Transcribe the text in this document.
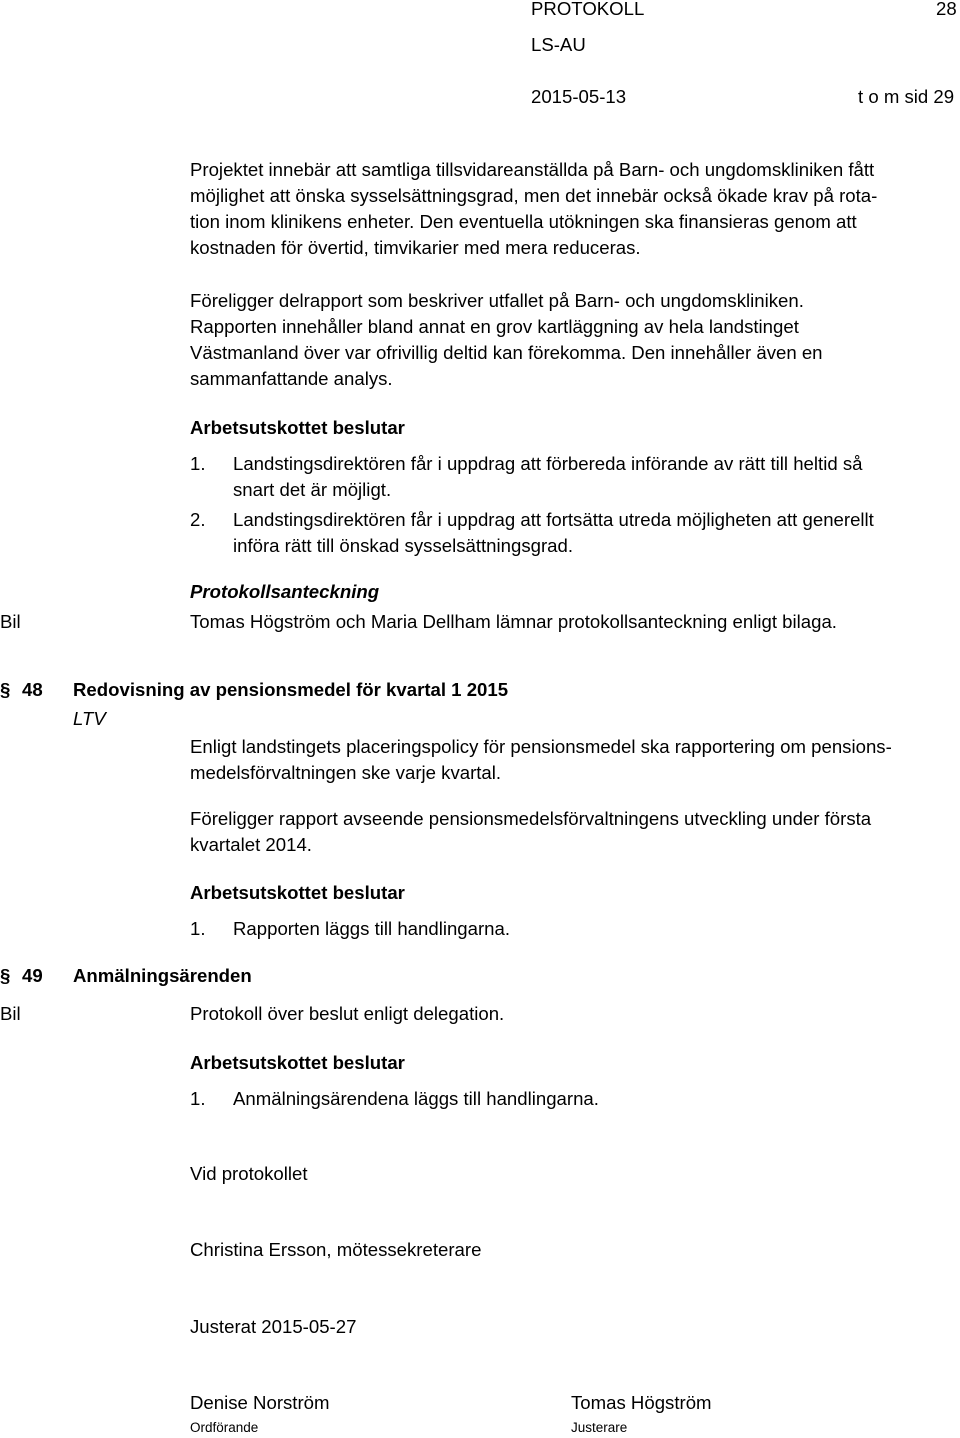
PROTOKOLL	28
LS-AU
2015-05-13	t o m sid 29
Projektet innebär att samtliga tillsvidareanställda på Barn- och ungdomskliniken fått
möjlighet att önska sysselsättningsgrad, men det innebär också ökade krav på rota-
tion inom klinikens enheter. Den eventuella utökningen ska finansieras genom att
kostnaden för övertid, timvikarier med mera reduceras.
Föreligger delrapport som beskriver utfallet på Barn- och ungdomskliniken.
Rapporten innehåller bland annat en grov kartläggning av hela landstinget
Västmanland över var ofrivillig deltid kan förekomma. Den innehåller även en
sammanfattande analys.
Arbetsutskottet beslutar
1. Landstingsdirektören får i uppdrag att förbereda införande av rätt till heltid så
snart det är möjligt.
2. Landstingsdirektören får i uppdrag att fortsätta utreda möjligheten att generellt
införa rätt till önskad sysselsättningsgrad.
Protokollsanteckning
Bil	Tomas Högström och Maria Dellham lämnar protokollsanteckning enligt bilaga.
§ 48 Redovisning av pensionsmedel för kvartal 1 2015
LTV
Enligt landstingets placeringspolicy för pensionsmedel ska rapportering om pensions-
medelsförvaltningen ske varje kvartal.
Föreligger rapport avseende pensionsmedelsförvaltningens utveckling under första
kvartalet 2014.
Arbetsutskottet beslutar
1. Rapporten läggs till handlingarna.
§ 49 Anmälningsärenden
Bil	Protokoll över beslut enligt delegation.
Arbetsutskottet beslutar
1. Anmälningsärendena läggs till handlingarna.
Vid protokollet
Christina Ersson, mötessekreterare
Justerat 2015-05-27
Denise Norström
Ordförande
Tomas Högström
Justerare
